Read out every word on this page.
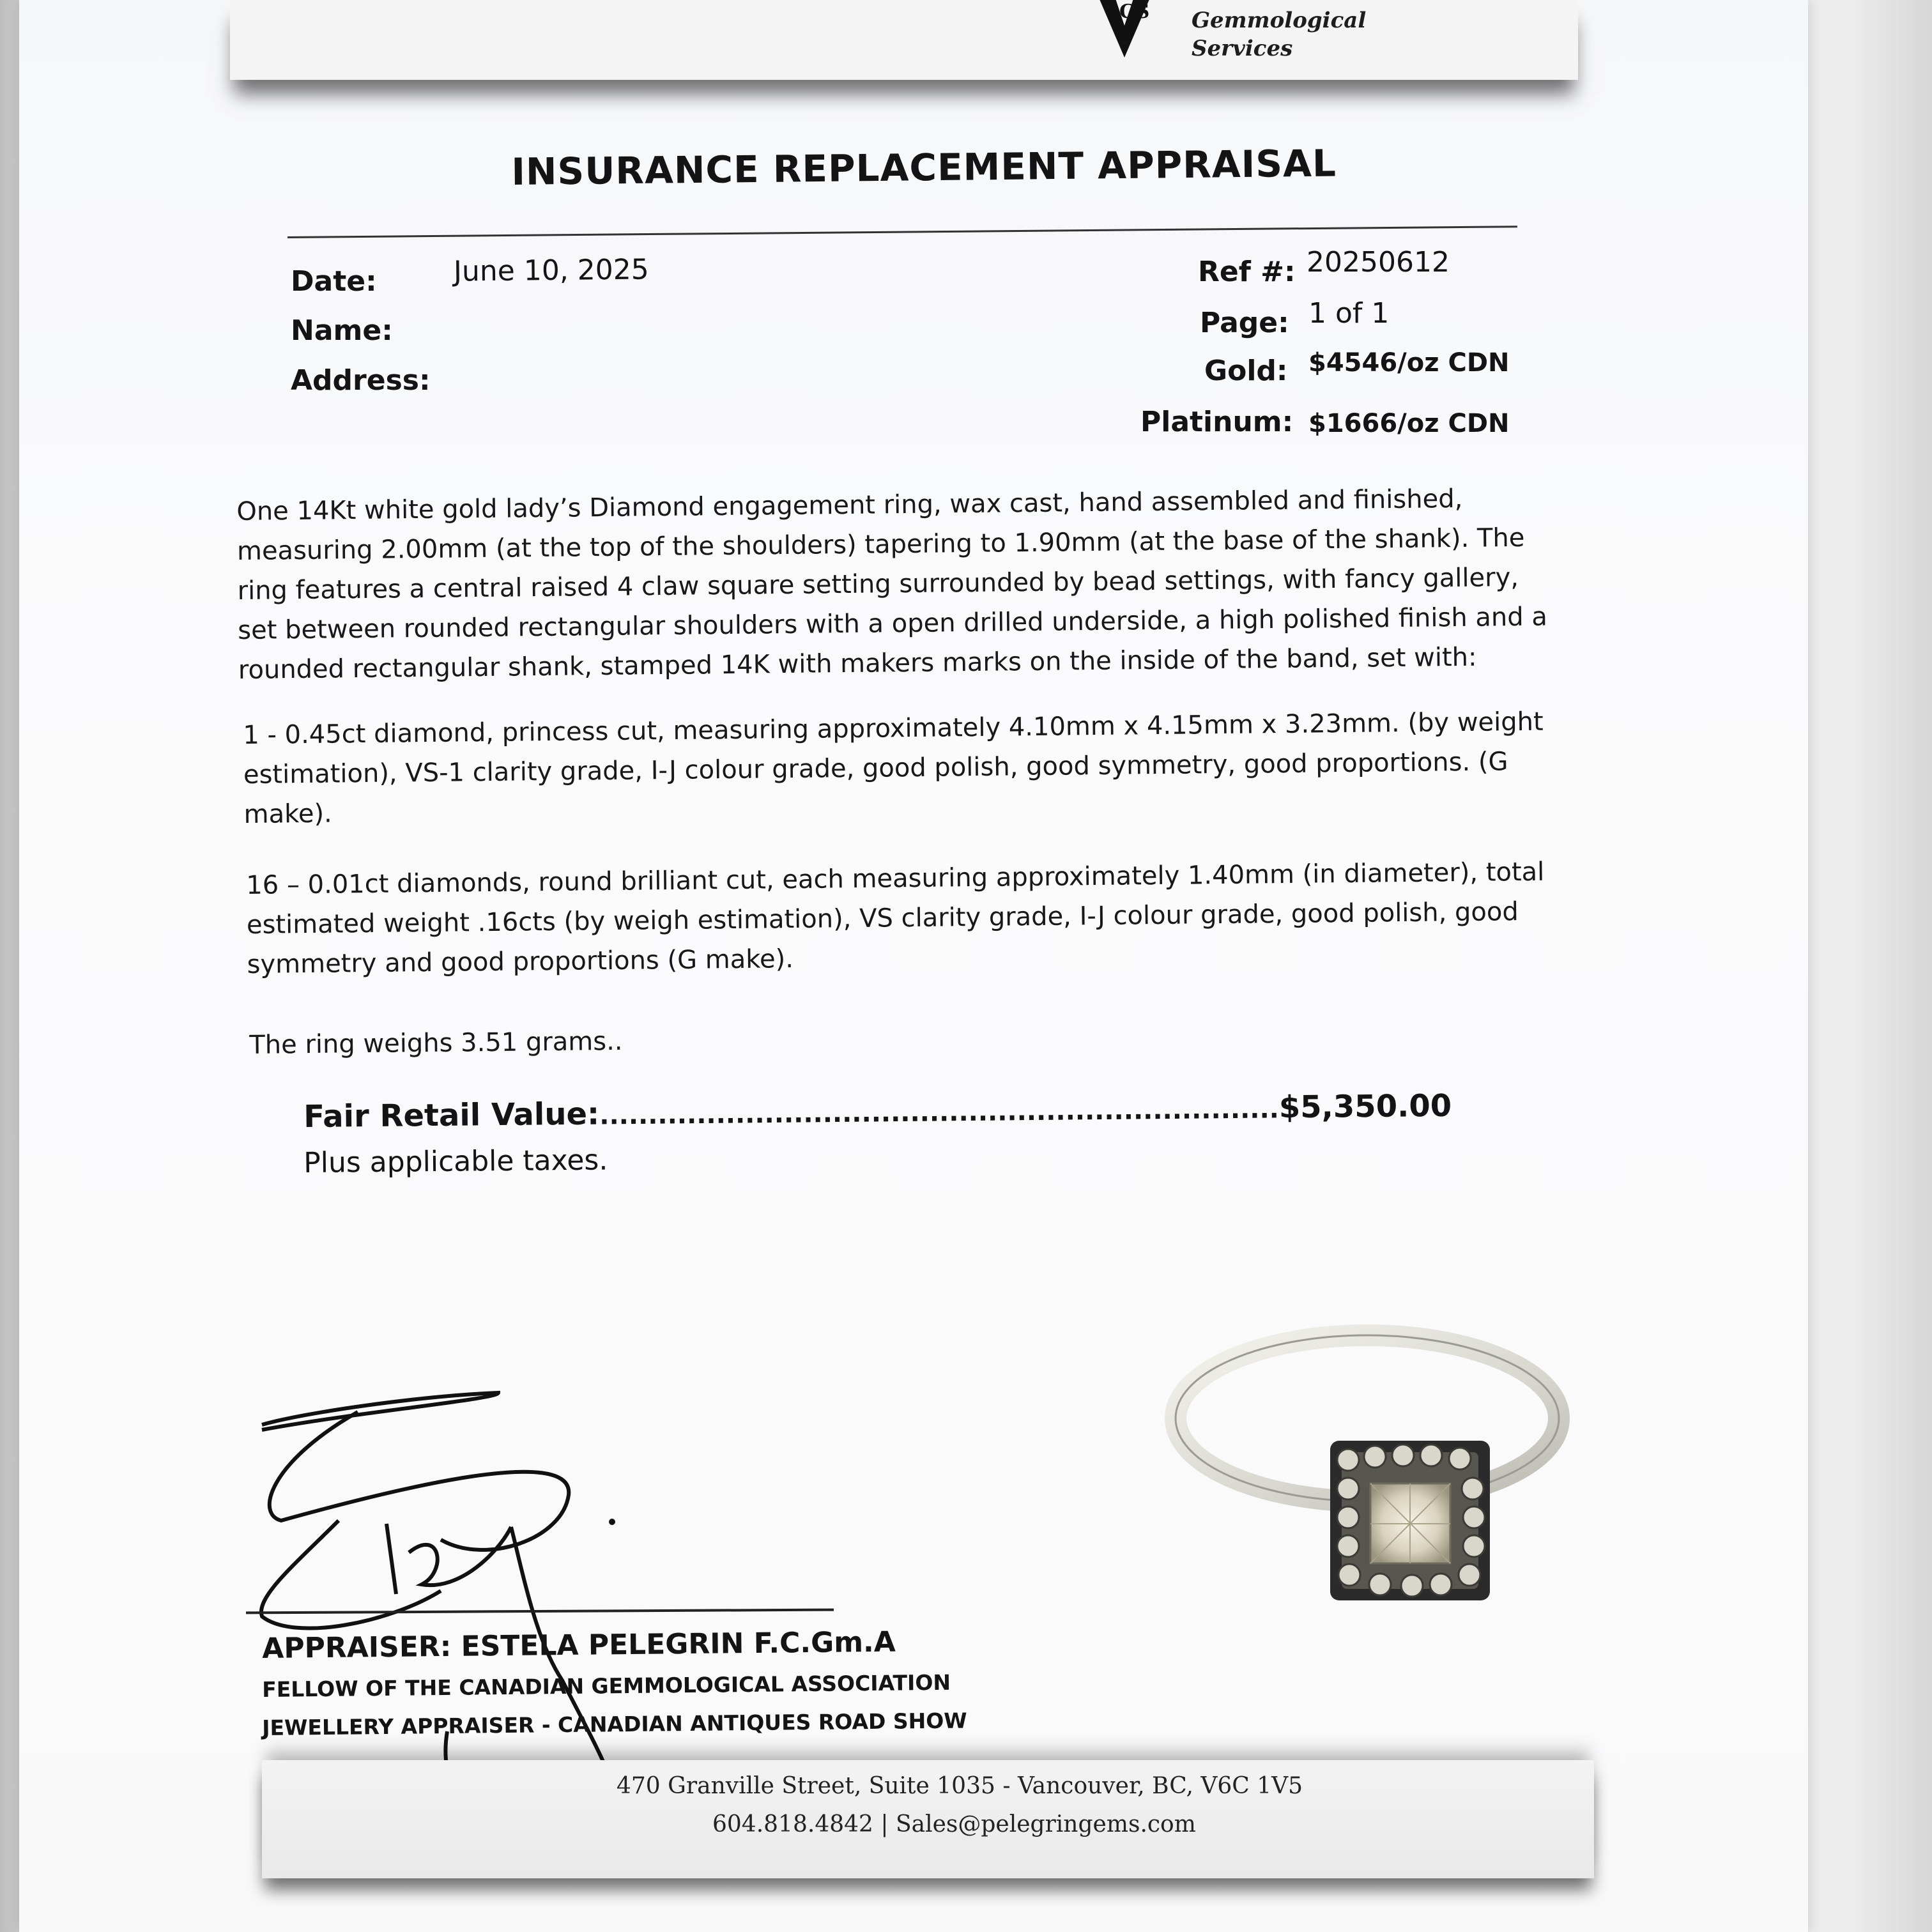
GS Gemmological
Services
INSURANCE REPLACEMENT APPRAISAL
Date:	June 10, 2025
Name:
Address:
Ref #: 20250612
Page: 1 of 1
Gold: $4546/oz CDN
Platinum: $1666/oz CDN
One 14Kt white gold lady’s Diamond engagement ring, wax cast, hand assembled and finished,
measuring 2.00mm (at the top of the shoulders) tapering to 1.90mm (at the base of the shank). The
ring features a central raised 4 claw square setting surrounded by bead settings, with fancy gallery,
set between rounded rectangular shoulders with a open drilled underside, a high polished finish and a
rounded rectangular shank, stamped 14K with makers marks on the inside of the band, set with:
1 - 0.45ct diamond, princess cut, measuring approximately 4.10mm x 4.15mm x 3.23mm. (by weight
estimation), VS-1 clarity grade, I-J colour grade, good polish, good symmetry, good proportions. (G
make).
16 – 0.01ct diamonds, round brilliant cut, each measuring approximately 1.40mm (in diameter), total
estimated weight .16cts (by weigh estimation), VS clarity grade, I-J colour grade, good polish, good
symmetry and good proportions (G make).
The ring weighs 3.51 grams..
Fair Retail Value:......................................................................$5,350.00
Plus applicable taxes.
APPRAISER: ESTELA PELEGRIN F.C.Gm.A
FELLOW OF THE CANADIAN GEMMOLOGICAL ASSOCIATION
JEWELLERY APPRAISER - CANADIAN ANTIQUES ROAD SHOW
470 Granville Street, Suite 1035 - Vancouver, BC, V6C 1V5
604.818.4842 | Sales@pelegringems.com
